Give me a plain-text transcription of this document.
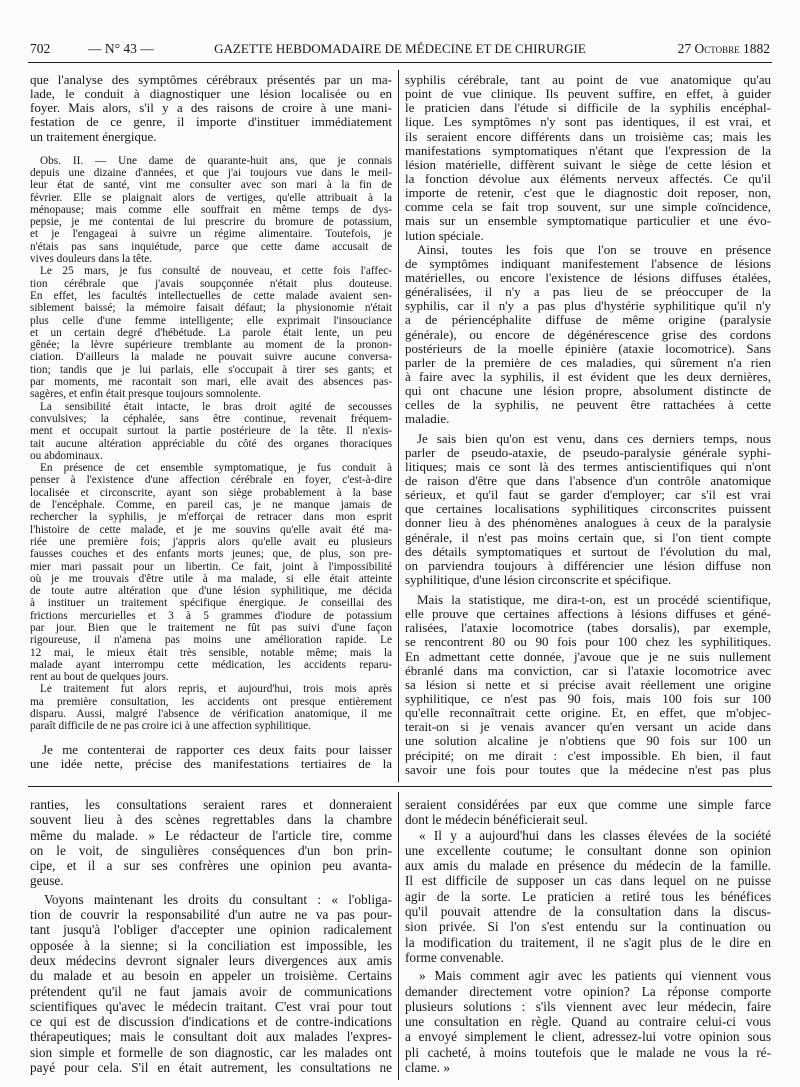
702	— N° 43 —	GAZETTE HEBDOMADAIRE DE MÉDECINE ET DE CHIRURGIE	27 Octobre 1882
que l'analyse des symptômes cérébraux présentés par un ma-
lade, le conduit à diagnostiquer une lésion localisée ou en
foyer. Mais alors, s'il y a des raisons de croire à une mani-
festation de ce genre, il importe d'instituer immédiatement
un traitement énergique.
Obs. II. — Une dame de quarante-huit ans, que je connais
depuis une dizaine d'années, et que j'ai toujours vue dans le meil-
leur état de santé, vint me consulter avec son mari à la fin de
février. Elle se plaignait alors de vertiges, qu'elle attribuait à la
ménopause; mais comme elle souffrait en même temps de dys-
pepsie, je me contentai de lui prescrire du bromure de potassium,
et je l'engageai à suivre un régime alimentaire. Toutefois, je
n'étais pas sans inquiétude, parce que cette dame accusait de
vives douleurs dans la tête.
Le 25 mars, je fus consulté de nouveau, et cette fois l'affec-
tion cérébrale que j'avais soupçonnée n'était plus douteuse.
En effet, les facultés intellectuelles de cette malade avaient sen-
siblement baissé; la mémoire faisait défaut; la physionomie n'était
plus celle d'une femme intelligente; elle exprimait l'insouciance
et un certain degré d'hébétude. La parole était lente, un peu
gênée; la lèvre supérieure tremblante au moment de la pronon-
ciation. D'ailleurs la malade ne pouvait suivre aucune conversa-
tion; tandis que je lui parlais, elle s'occupait à tirer ses gants; et
par moments, me racontait son mari, elle avait des absences pas-
sagères, et enfin était presque toujours somnolente.
La sensibilité était intacte, le bras droit agité de secousses
convulsives; la céphalée, sans être continue, revenait fréquem-
ment et occupait surtout la partie postérieure de la tête. Il n'exis-
tait aucune altération appréciable du côté des organes thoraciques
ou abdominaux.
En présence de cet ensemble symptomatique, je fus conduit à
penser à l'existence d'une affection cérébrale en foyer, c'est-à-dire
localisée et circonscrite, ayant son siège probablement à la base
de l'encéphale. Comme, en pareil cas, je ne manque jamais de
rechercher la syphilis, je m'efforçai de retracer dans mon esprit
l'histoire de cette malade, et je me souvins qu'elle avait été ma-
riée une première fois; j'appris alors qu'elle avait eu plusieurs
fausses couches et des enfants morts jeunes; que, de plus, son pre-
mier mari passait pour un libertin. Ce fait, joint à l'impossibilité
où je me trouvais d'être utile à ma malade, si elle était atteinte
de toute autre altération que d'une lésion syphilitique, me décida
à instituer un traitement spécifique énergique. Je conseillai des
frictions mercurielles et 3 à 5 grammes d'iodure de potassium
par jour. Bien que le traitement ne fût pas suivi d'une façon
rigoureuse, il n'amena pas moins une amélioration rapide. Le
12 mai, le mieux était très sensible, notable même; mais la
malade ayant interrompu cette médication, les accidents reparu-
rent au bout de quelques jours.
Le traitement fut alors repris, et aujourd'hui, trois mois après
ma première consultation, les accidents ont presque entièrement
disparu. Aussi, malgré l'absence de vérification anatomique, il me
paraît difficile de ne pas croire ici à une affection syphilitique.
Je me contenterai de rapporter ces deux faits pour laisser
une idée nette, précise des manifestations tertiaires de la
syphilis cérébrale, tant au point de vue anatomique qu'au
point de vue clinique. Ils peuvent suffire, en effet, à guider
le praticien dans l'étude si difficile de la syphilis encéphal-
lique. Les symptômes n'y sont pas identiques, il est vrai, et
ils seraient encore différents dans un troisième cas; mais les
manifestations symptomatiques n'étant que l'expression de la
lésion matérielle, diffèrent suivant le siège de cette lésion et
la fonction dévolue aux éléments nerveux affectés. Ce qu'il
importe de retenir, c'est que le diagnostic doit reposer, non,
comme cela se fait trop souvent, sur une simple coïncidence,
mais sur un ensemble symptomatique particulier et une évo-
lution spéciale.
Ainsi, toutes les fois que l'on se trouve en présence
de symptômes indiquant manifestement l'absence de lésions
matérielles, ou encore l'existence de lésions diffuses étalées,
généralisées, il n'y a pas lieu de se préoccuper de la
syphilis, car il n'y a pas plus d'hystérie syphilitique qu'il n'y
a de périencéphalite diffuse de même origine (paralysie
générale), ou encore de dégénérescence grise des cordons
postérieurs de la moelle épinière (ataxie locomotrice). Sans
parler de la première de ces maladies, qui sûrement n'a rien
à faire avec la syphilis, il est évident que les deux dernières,
qui ont chacune une lésion propre, absolument distincte de
celles de la syphilis, ne peuvent être rattachées à cette
maladie.
Je sais bien qu'on est venu, dans ces derniers temps, nous
parler de pseudo-ataxie, de pseudo-paralysie générale syphi-
litiques; mais ce sont là des termes antiscientifiques qui n'ont
de raison d'être que dans l'absence d'un contrôle anatomique
sérieux, et qu'il faut se garder d'employer; car s'il est vrai
que certaines localisations syphilitiques circonscrites puissent
donner lieu à des phénomènes analogues à ceux de la paralysie
générale, il n'est pas moins certain que, si l'on tient compte
des détails symptomatiques et surtout de l'évolution du mal,
on parviendra toujours à différencier une lésion diffuse non
syphilitique, d'une lésion circonscrite et spécifique.
Mais la statistique, me dira-t-on, est un procédé scientifique,
elle prouve que certaines affections à lésions diffuses et géné-
ralisées, l'ataxie locomotrice (tabes dorsalis), par exemple,
se rencontrent 80 ou 90 fois pour 100 chez les syphilitiques.
En admettant cette donnée, j'avoue que je ne suis nullement
ébranlé dans ma conviction, car si l'ataxie locomotrice avec
sa lésion si nette et si précise avait réellement une origine
syphilitique, ce n'est pas 90 fois, mais 100 fois sur 100
qu'elle reconnaîtrait cette origine. Et, en effet, que m'objec-
terait-on si je venais avancer qu'en versant un acide dans
une solution alcaline je n'obtiens que 90 fois sur 100 un
précipité; on me dirait : c'est impossible. Eh bien, il faut
savoir une fois pour toutes que la médecine n'est pas plus
ranties, les consultations seraient rares et donneraient
souvent lieu à des scènes regrettables dans la chambre
même du malade. » Le rédacteur de l'article tire, comme
on le voit, de singulières conséquences d'un bon prin-
cipe, et il a sur ses confrères une opinion peu avanta-
geuse.
Voyons maintenant les droits du consultant : « l'obliga-
tion de couvrir la responsabilité d'un autre ne va pas pour-
tant jusqu'à l'obliger d'accepter une opinion radicalement
opposée à la sienne; si la conciliation est impossible, les
deux médecins devront signaler leurs divergences aux amis
du malade et au besoin en appeler un troisième. Certains
prétendent qu'il ne faut jamais avoir de communications
scientifiques qu'avec le médecin traitant. C'est vrai pour tout
ce qui est de discussion d'indications et de contre-indications
thérapeutiques; mais le consultant doit aux malades l'expres-
sion simple et formelle de son diagnostic, car les malades ont
payé pour cela. S'il en était autrement, les consultations ne
seraient considérées par eux que comme une simple farce
dont le médecin bénéficierait seul.
« Il y a aujourd'hui dans les classes élevées de la société
une excellente coutume; le consultant donne son opinion
aux amis du malade en présence du médecin de la famille.
Il est difficile de supposer un cas dans lequel on ne puisse
agir de la sorte. Le praticien a retiré tous les bénéfices
qu'il pouvait attendre de la consultation dans la discus-
sion privée. Si l'on s'est entendu sur la continuation ou
la modification du traitement, il ne s'agit plus de le dire en
forme convenable.
» Mais comment agir avec les patients qui viennent vous
demander directement votre opinion? La réponse comporte
plusieurs solutions : s'ils viennent avec leur médecin, faire
une consultation en règle. Quand au contraire celui-ci vous
a envoyé simplement le client, adressez-lui votre opinion sous
pli cacheté, à moins toutefois que le malade ne vous la ré-
clame. »
